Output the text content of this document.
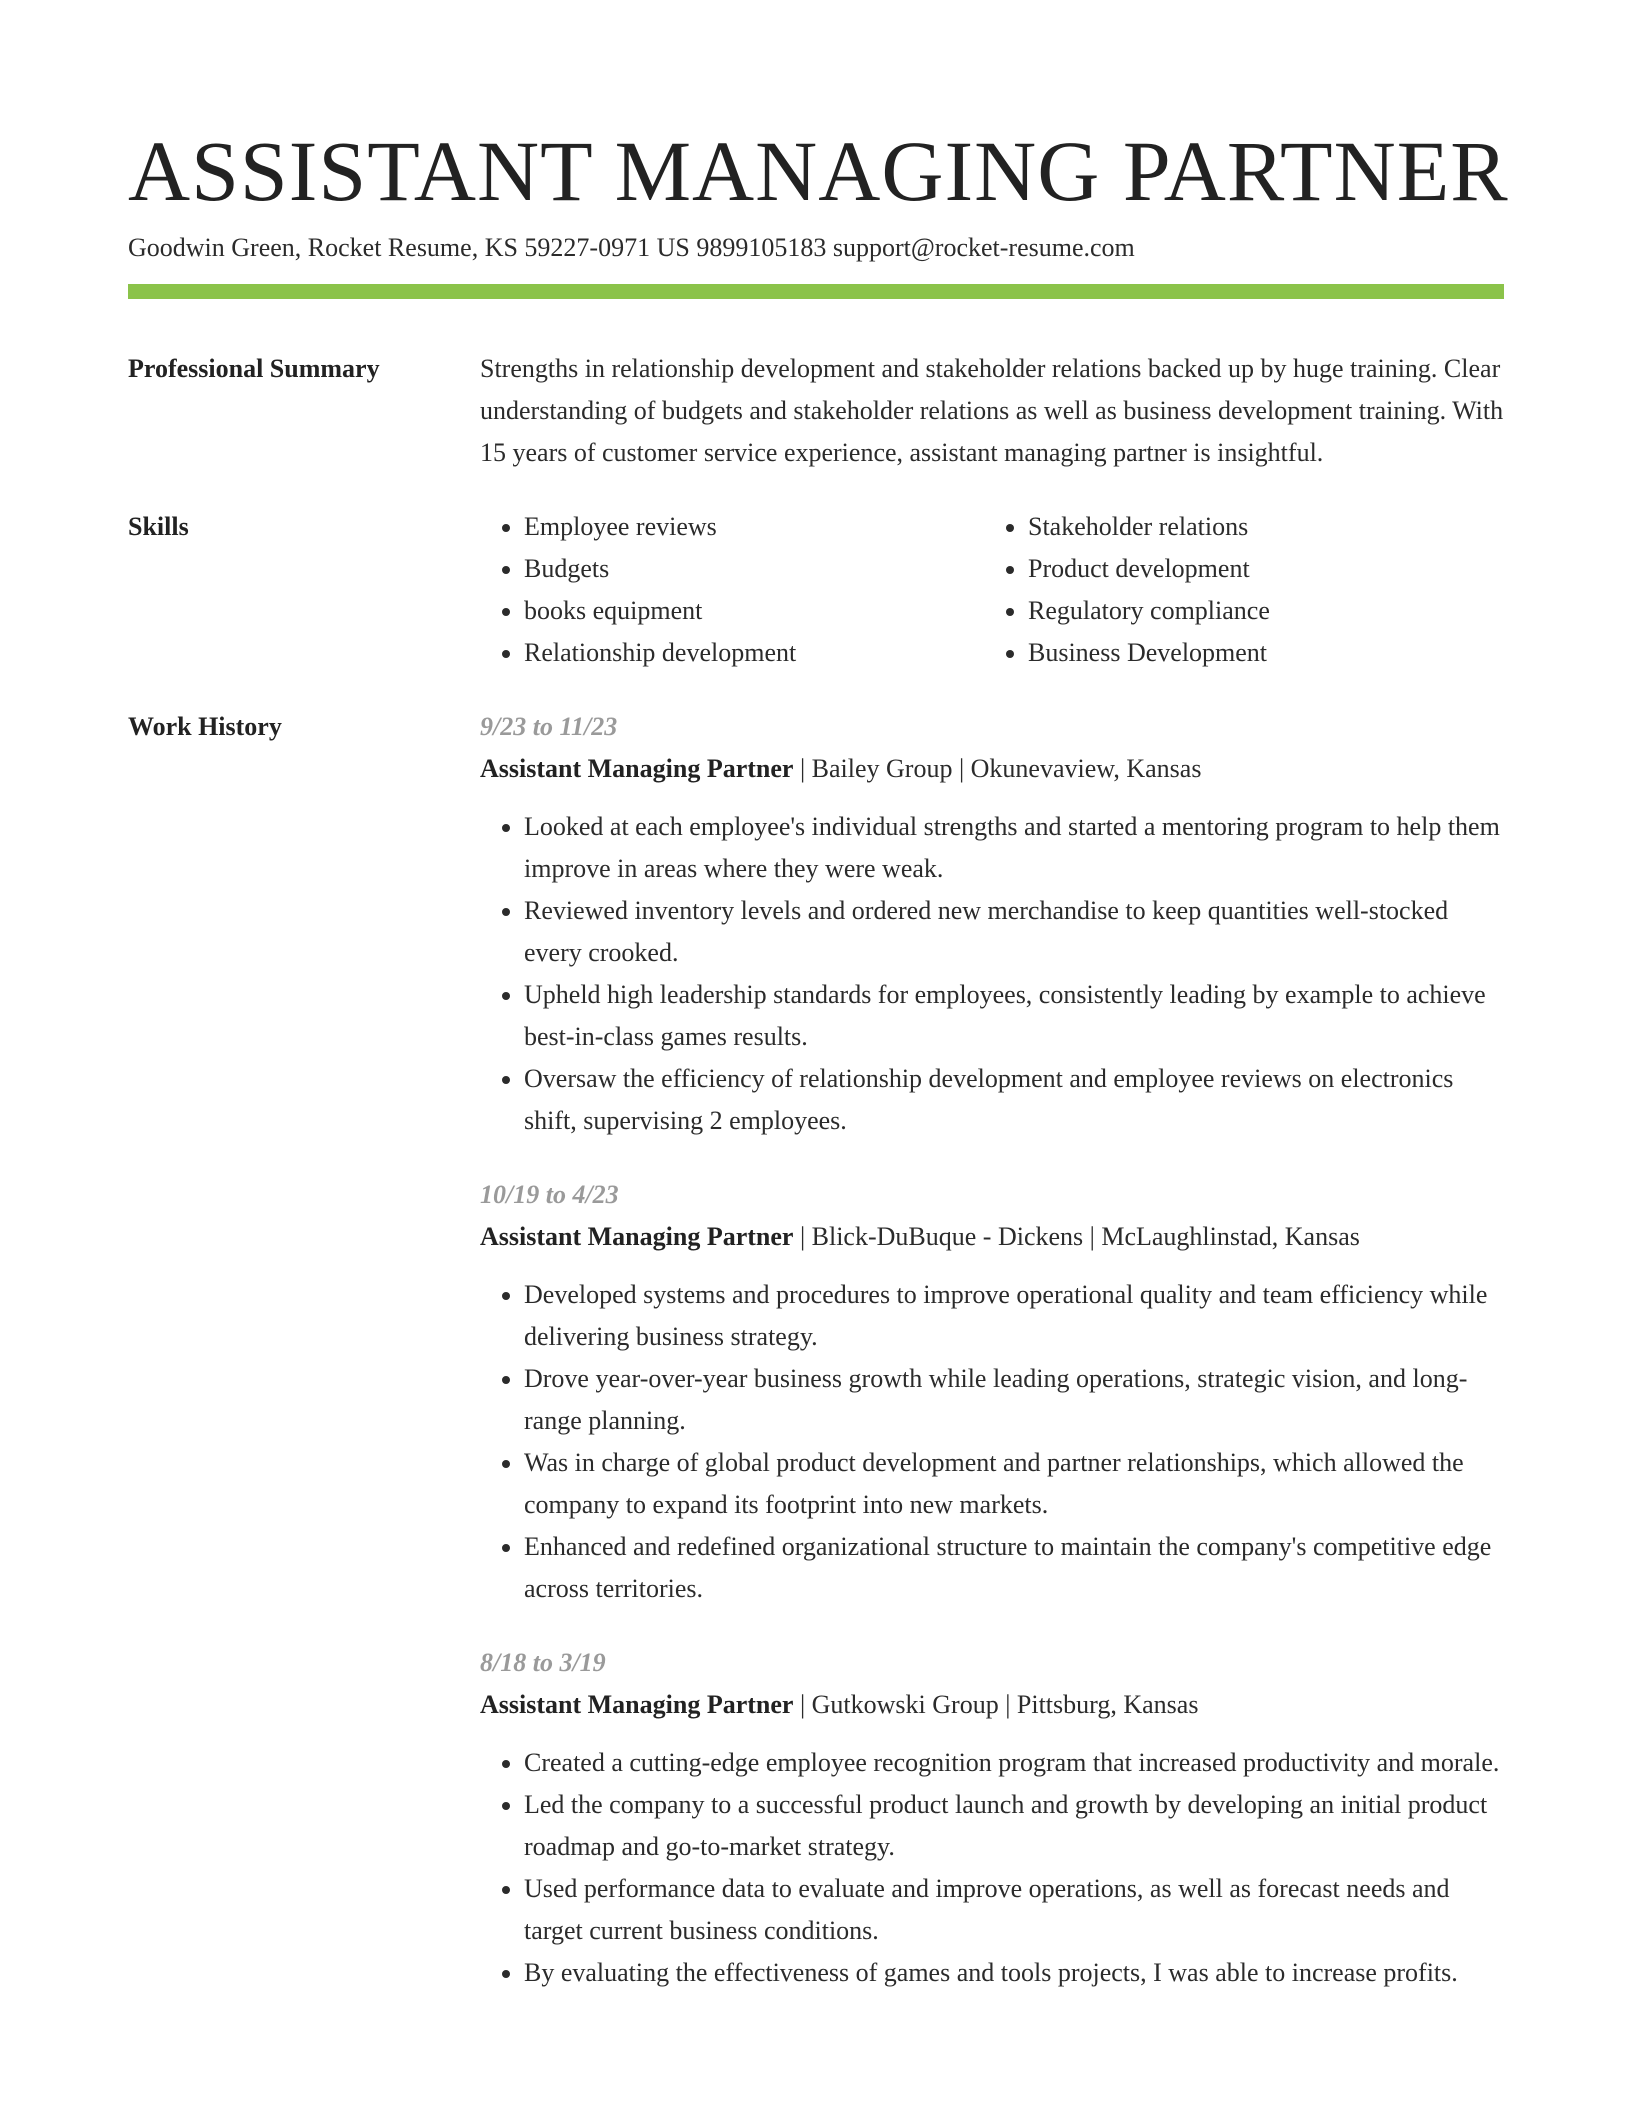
ASSISTANT MANAGING PARTNER
Goodwin Green, Rocket Resume, KS 59227-0971 US 9899105183 support@rocket-resume.com
Professional Summary	Strengths in relationship development and stakeholder relations backed up by huge training. Clear understanding of budgets and stakeholder relations as well as business development training. With 15 years of customer service experience, assistant managing partner is insightful.

Skills
•	Employee reviews
• Budgets
• books equipment
• Relationship development
• Stakeholder relations
• Product development
• Regulatory compliance
• Business Development
Work History	9/23 to 11/23
Assistant Managing Partner | Bailey Group | Okunevaview, Kansas
• Looked at each employee's individual strengths and started a mentoring program to help them improve in areas where they were weak.
• Reviewed inventory levels and ordered new merchandise to keep quantities well-stocked every crooked.
• Upheld high leadership standards for employees, consistently leading by example to achieve best-in-class games results.
• Oversaw the efficiency of relationship development and employee reviews on electronics shift, supervising 2 employees.
10/19 to 4/23
Assistant Managing Partner | Blick-DuBuque - Dickens | McLaughlinstad, Kansas
• Developed systems and procedures to improve operational quality and team efficiency while delivering business strategy.
• Drove year-over-year business growth while leading operations, strategic vision, and long-range planning.
• Was in charge of global product development and partner relationships, which allowed the company to expand its footprint into new markets.
• Enhanced and redefined organizational structure to maintain the company's competitive edge across territories.
8/18 to 3/19
Assistant Managing Partner | Gutkowski Group | Pittsburg, Kansas
• Created a cutting-edge employee recognition program that increased productivity and morale.
• Led the company to a successful product launch and growth by developing an initial product roadmap and go-to-market strategy.
• Used performance data to evaluate and improve operations, as well as forecast needs and target current business conditions.
• By evaluating the effectiveness of games and tools projects, I was able to increase profits.
